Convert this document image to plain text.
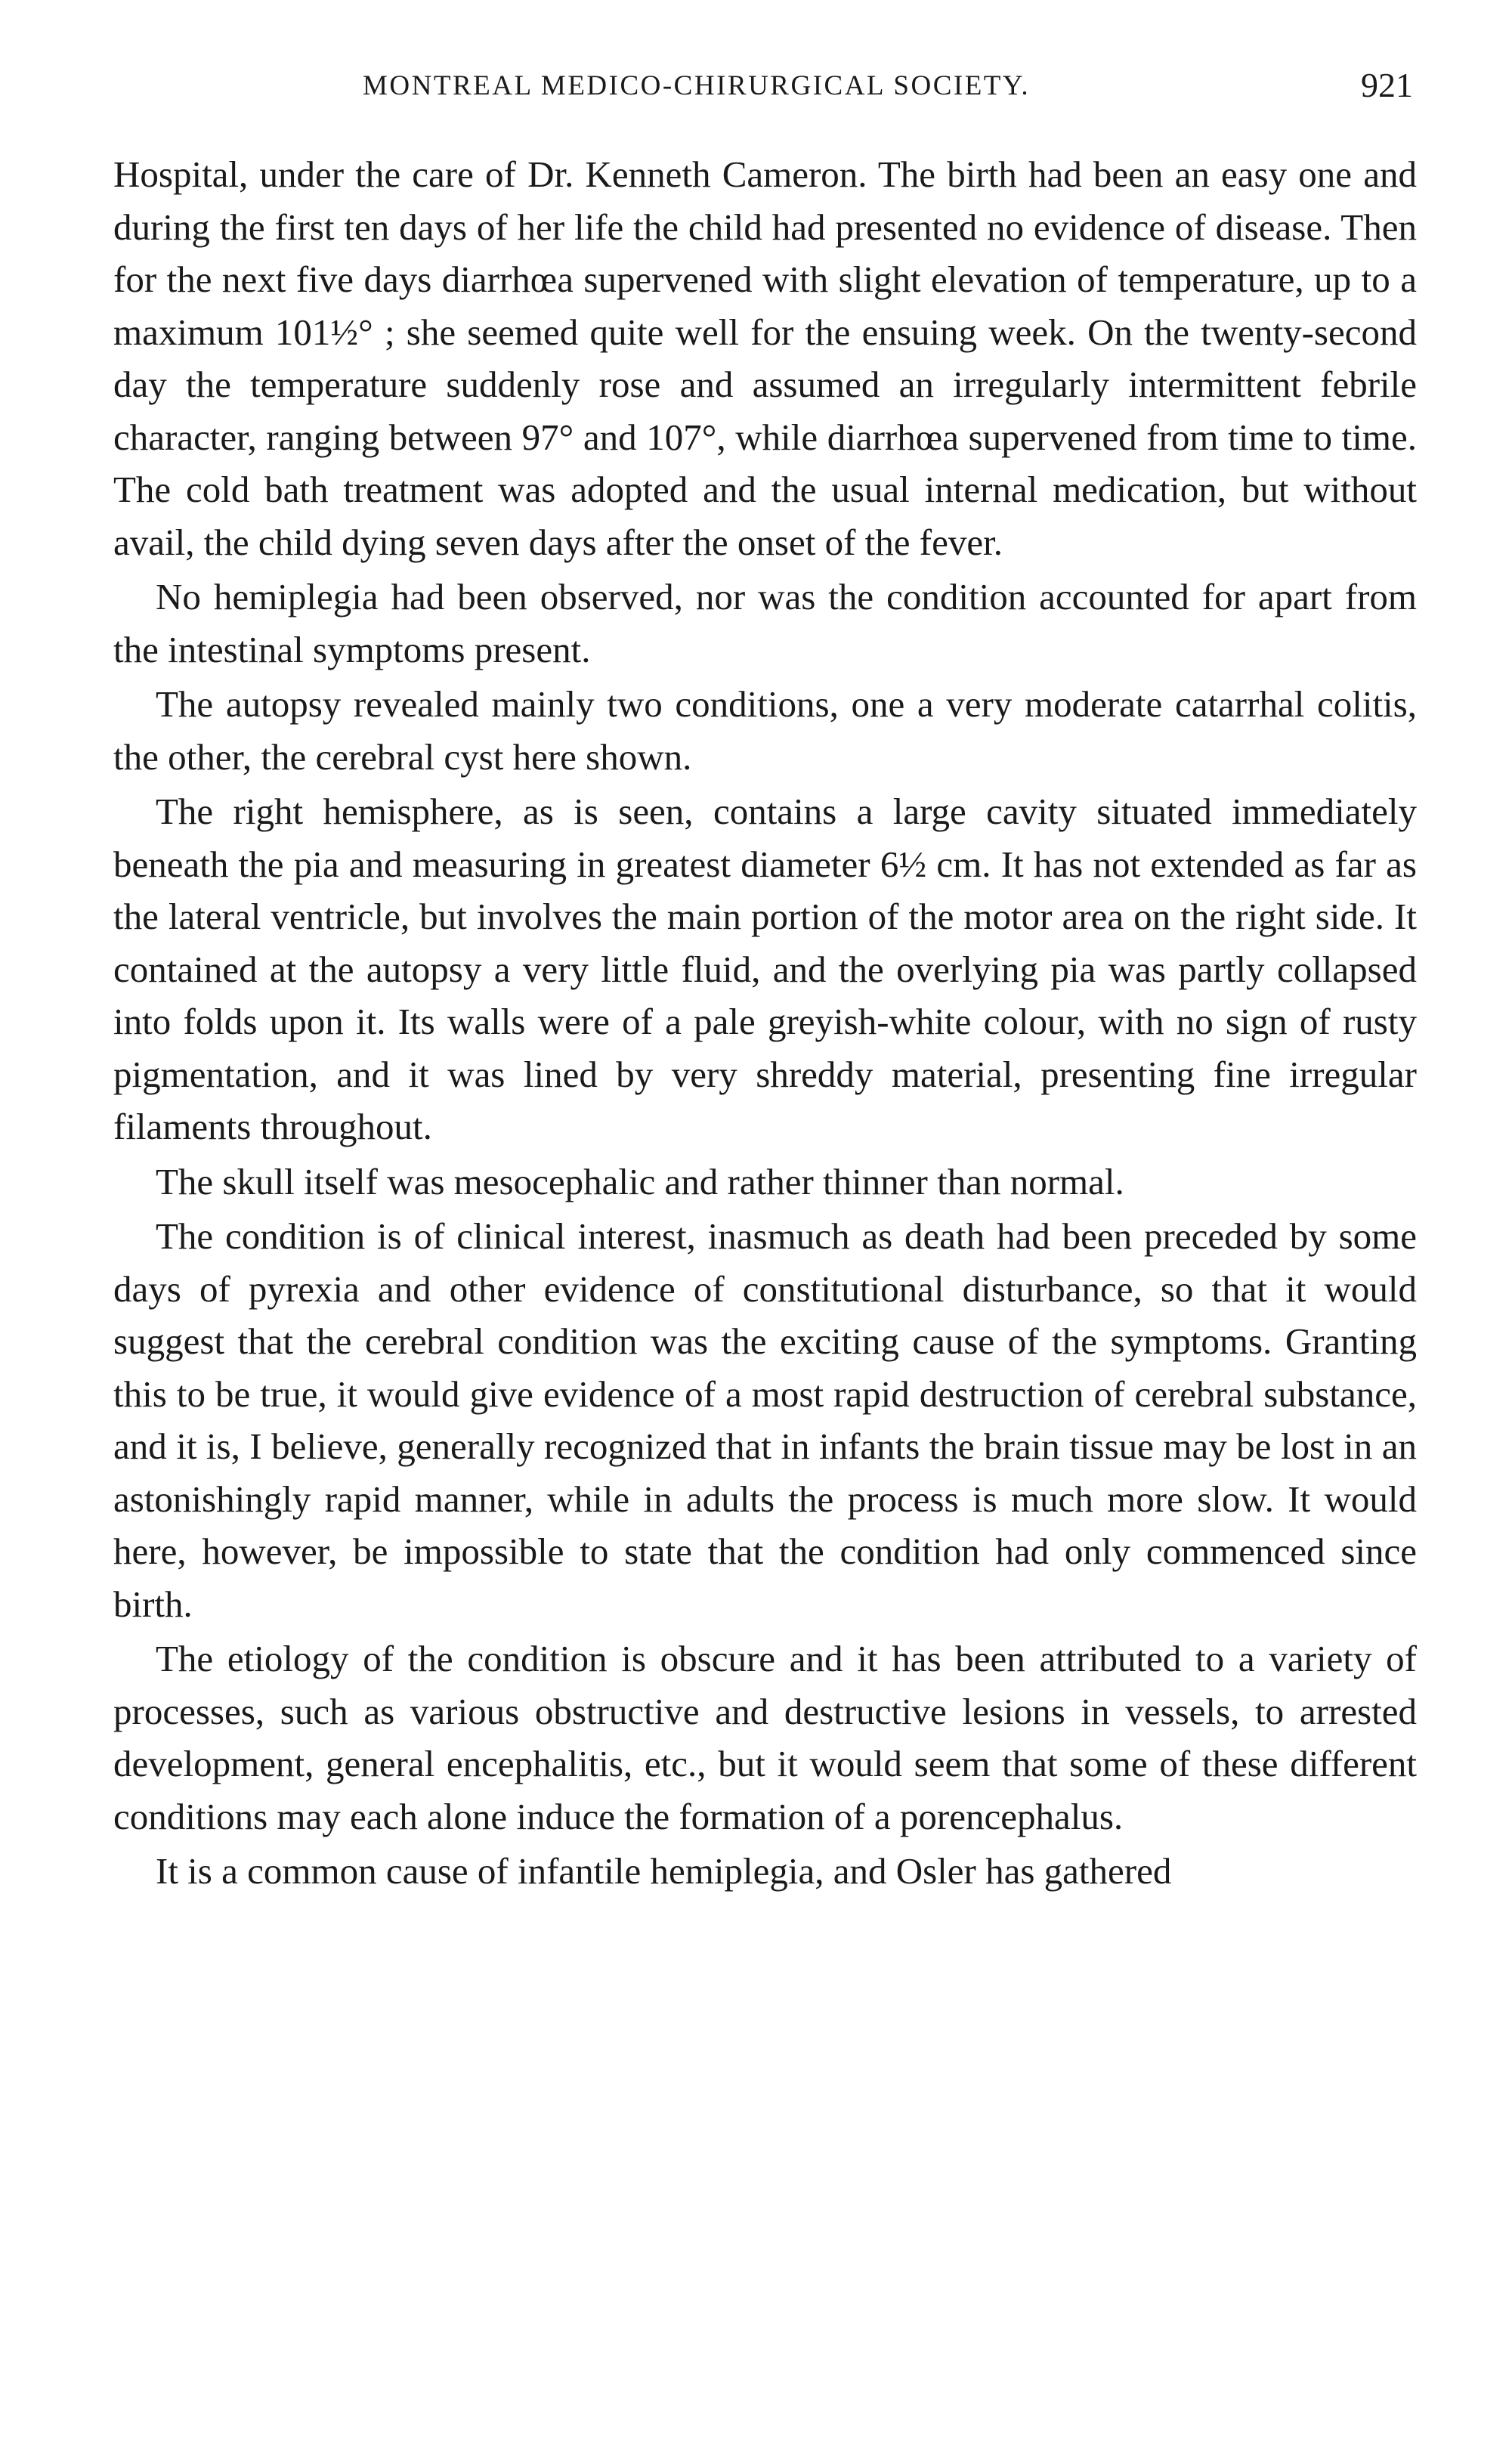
MONTREAL MEDICO-CHIRURGICAL SOCIETY.	921

Hospital, under the care of Dr. Kenneth Cameron. The birth had been an easy one and during the first ten days of her life the child had presented no evidence of disease. Then for the next five days diarrhœa supervened with slight elevation of temperature, up to a maximum 101½° ; she seemed quite well for the ensuing week. On the twenty-second day the temperature suddenly rose and assumed an irregularly intermittent febrile character, ranging between 97° and 107°, while diarrhœa supervened from time to time. The cold bath treatment was adopted and the usual internal medication, but without avail, the child dying seven days after the onset of the fever.

No hemiplegia had been observed, nor was the condition accounted for apart from the intestinal symptoms present.

The autopsy revealed mainly two conditions, one a very moderate catarrhal colitis, the other, the cerebral cyst here shown.

The right hemisphere, as is seen, contains a large cavity situated immediately beneath the pia and measuring in greatest diameter 6½ cm. It has not extended as far as the lateral ventricle, but involves the main portion of the motor area on the right side. It contained at the autopsy a very little fluid, and the overlying pia was partly collapsed into folds upon it. Its walls were of a pale greyish-white colour, with no sign of rusty pigmentation, and it was lined by very shreddy material, presenting fine irregular filaments throughout.

The skull itself was mesocephalic and rather thinner than normal.

The condition is of clinical interest, inasmuch as death had been preceded by some days of pyrexia and other evidence of constitutional disturbance, so that it would suggest that the cerebral condition was the exciting cause of the symptoms. Granting this to be true, it would give evidence of a most rapid destruction of cerebral substance, and it is, I believe, generally recognized that in infants the brain tissue may be lost in an astonishingly rapid manner, while in adults the process is much more slow. It would here, however, be impossible to state that the condition had only commenced since birth.

The etiology of the condition is obscure and it has been attributed to a variety of processes, such as various obstructive and destructive lesions in vessels, to arrested development, general encephalitis, etc., but it would seem that some of these different conditions may each alone induce the formation of a porencephalus.

It is a common cause of infantile hemiplegia, and Osler has gathered
